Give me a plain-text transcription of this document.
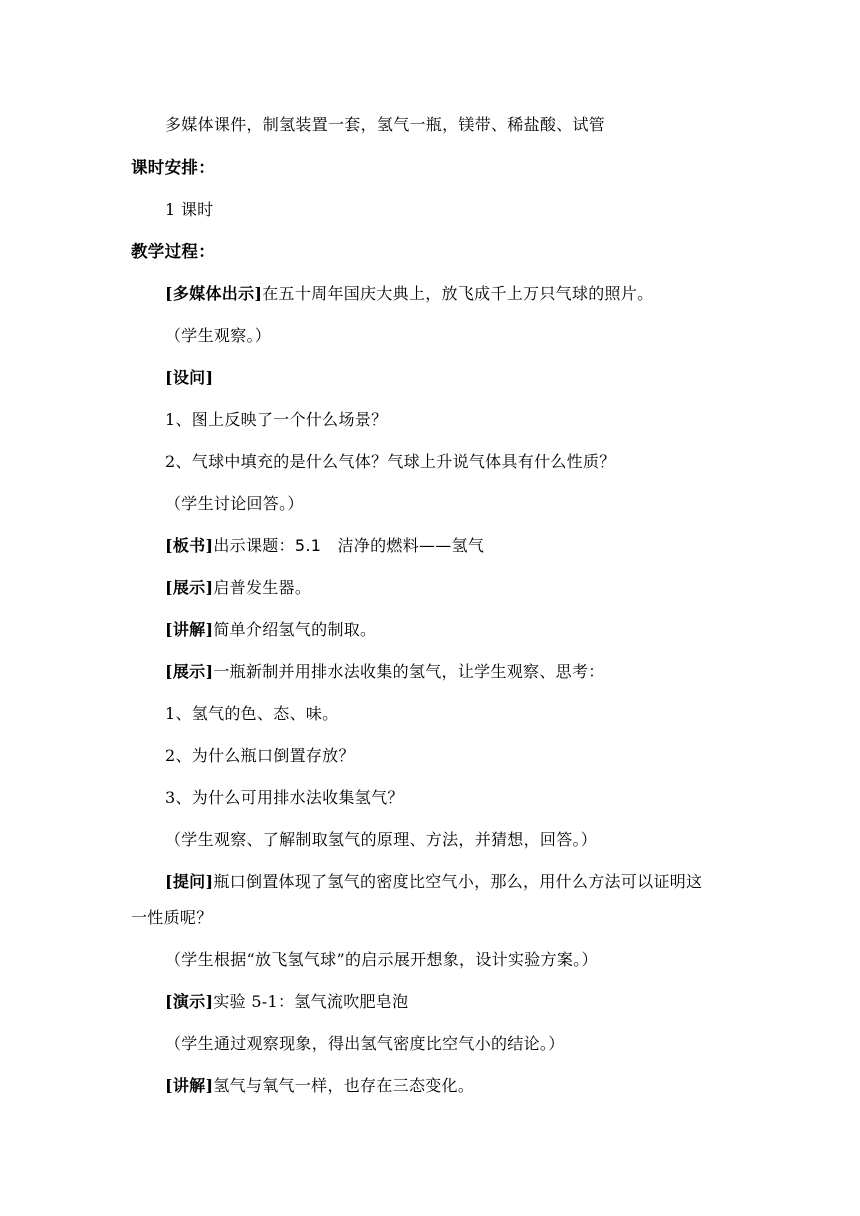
多媒体课件，制氢装置一套，氢气一瓶，镁带、稀盐酸、试管
课时安排：
1 课时
教学过程：
[多媒体出示]在五十周年国庆大典上，放飞成千上万只气球的照片。
（学生观察。）
[设问]
1、图上反映了一个什么场景？
2、气球中填充的是什么气体？气球上升说气体具有什么性质？
（学生讨论回答。）
[板书]出示课题：5.1　洁净的燃料——氢气
[展示]启普发生器。
[讲解]简单介绍氢气的制取。
[展示]一瓶新制并用排水法收集的氢气，让学生观察、思考：
1、氢气的色、态、味。
2、为什么瓶口倒置存放？
3、为什么可用排水法收集氢气？
（学生观察、了解制取氢气的原理、方法，并猜想，回答。）
[提问]瓶口倒置体现了氢气的密度比空气小，那么，用什么方法可以证明这
一性质呢？
（学生根据“放飞氢气球”的启示展开想象，设计实验方案。）
[演示]实验 5-1：氢气流吹肥皂泡
（学生通过观察现象，得出氢气密度比空气小的结论。）
[讲解]氢气与氧气一样，也存在三态变化。
